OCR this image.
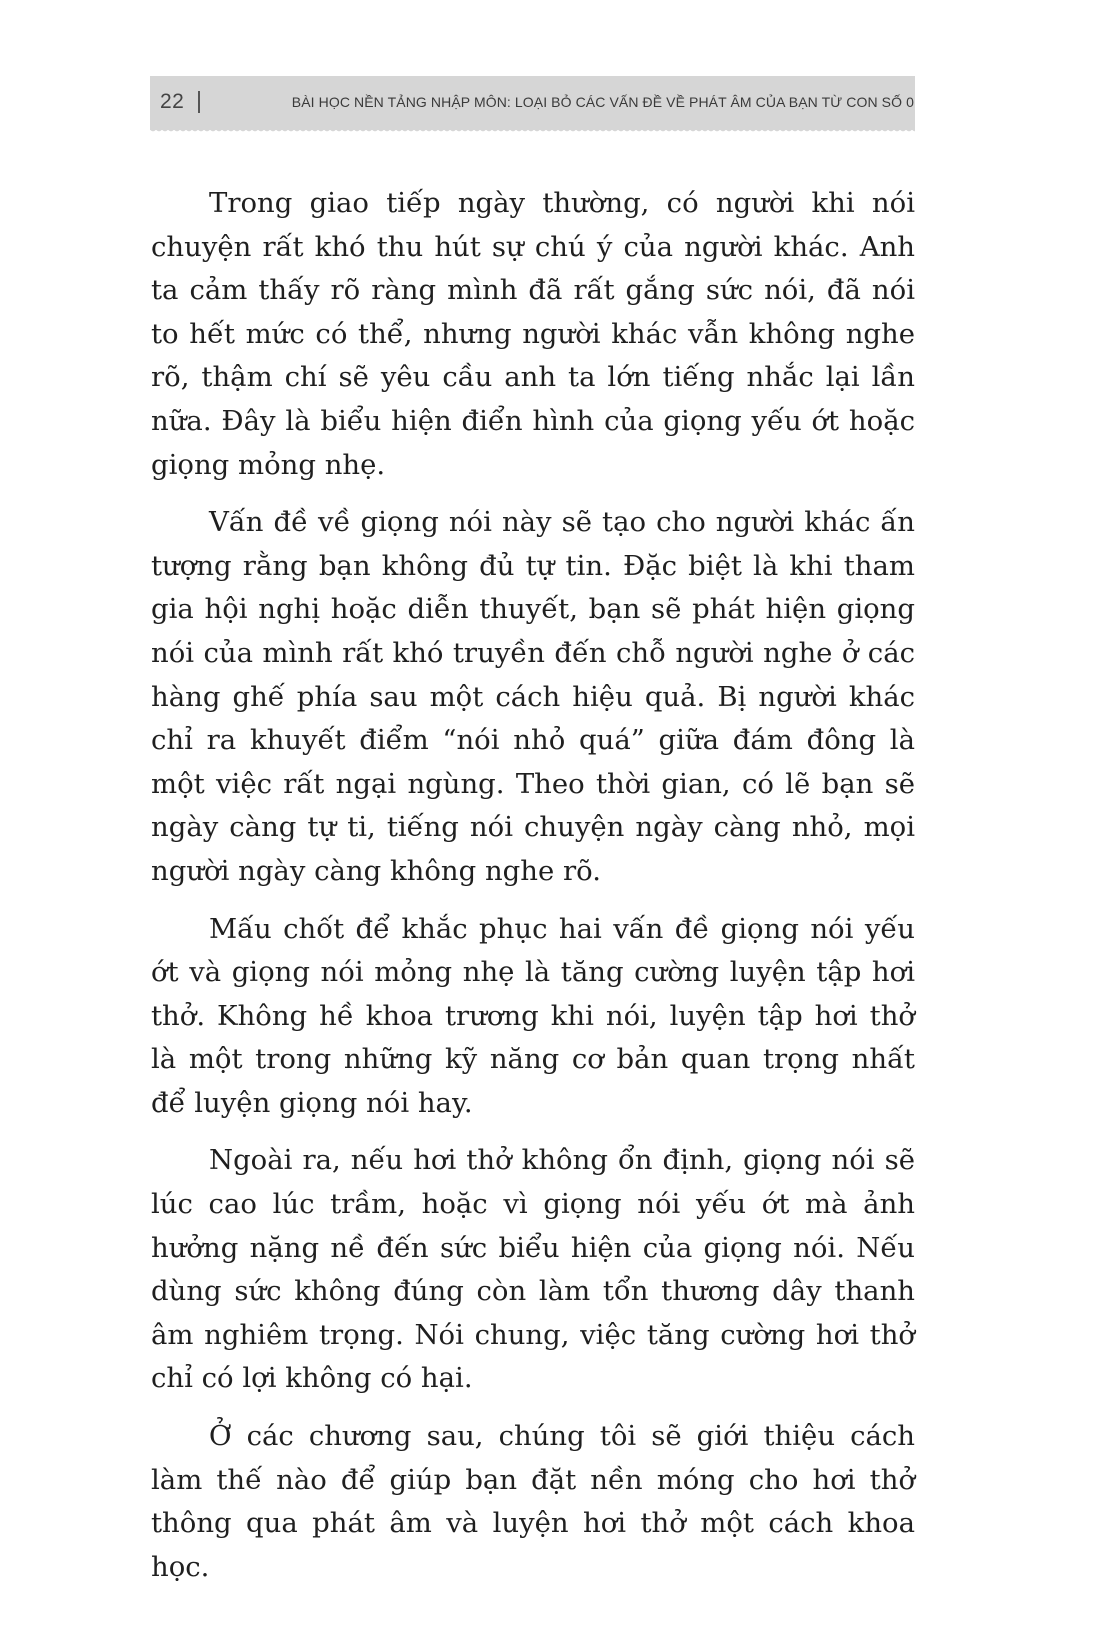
22	BÀI HỌC NỀN TẢNG NHẬP MÔN: LOẠI BỎ CÁC VẤN ĐỀ VỀ PHÁT ÂM CỦA BẠN TỪ CON SỐ 0

Trong giao tiếp ngày thường, có người khi nói chuyện rất khó thu hút sự chú ý của người khác. Anh ta cảm thấy rõ ràng mình đã rất gắng sức nói, đã nói to hết mức có thể, nhưng người khác vẫn không nghe rõ, thậm chí sẽ yêu cầu anh ta lớn tiếng nhắc lại lần nữa. Đây là biểu hiện điển hình của giọng yếu ớt hoặc giọng mỏng nhẹ.

Vấn đề về giọng nói này sẽ tạo cho người khác ấn tượng rằng bạn không đủ tự tin. Đặc biệt là khi tham gia hội nghị hoặc diễn thuyết, bạn sẽ phát hiện giọng nói của mình rất khó truyền đến chỗ người nghe ở các hàng ghế phía sau một cách hiệu quả. Bị người khác chỉ ra khuyết điểm “nói nhỏ quá” giữa đám đông là một việc rất ngại ngùng. Theo thời gian, có lẽ bạn sẽ ngày càng tự ti, tiếng nói chuyện ngày càng nhỏ, mọi người ngày càng không nghe rõ.

Mấu chốt để khắc phục hai vấn đề giọng nói yếu ớt và giọng nói mỏng nhẹ là tăng cường luyện tập hơi thở. Không hề khoa trương khi nói, luyện tập hơi thở là một trong những kỹ năng cơ bản quan trọng nhất để luyện giọng nói hay.

Ngoài ra, nếu hơi thở không ổn định, giọng nói sẽ lúc cao lúc trầm, hoặc vì giọng nói yếu ớt mà ảnh hưởng nặng nề đến sức biểu hiện của giọng nói. Nếu dùng sức không đúng còn làm tổn thương dây thanh âm nghiêm trọng. Nói chung, việc tăng cường hơi thở chỉ có lợi không có hại.

Ở các chương sau, chúng tôi sẽ giới thiệu cách làm thế nào để giúp bạn đặt nền móng cho hơi thở thông qua phát âm và luyện hơi thở một cách khoa học.
